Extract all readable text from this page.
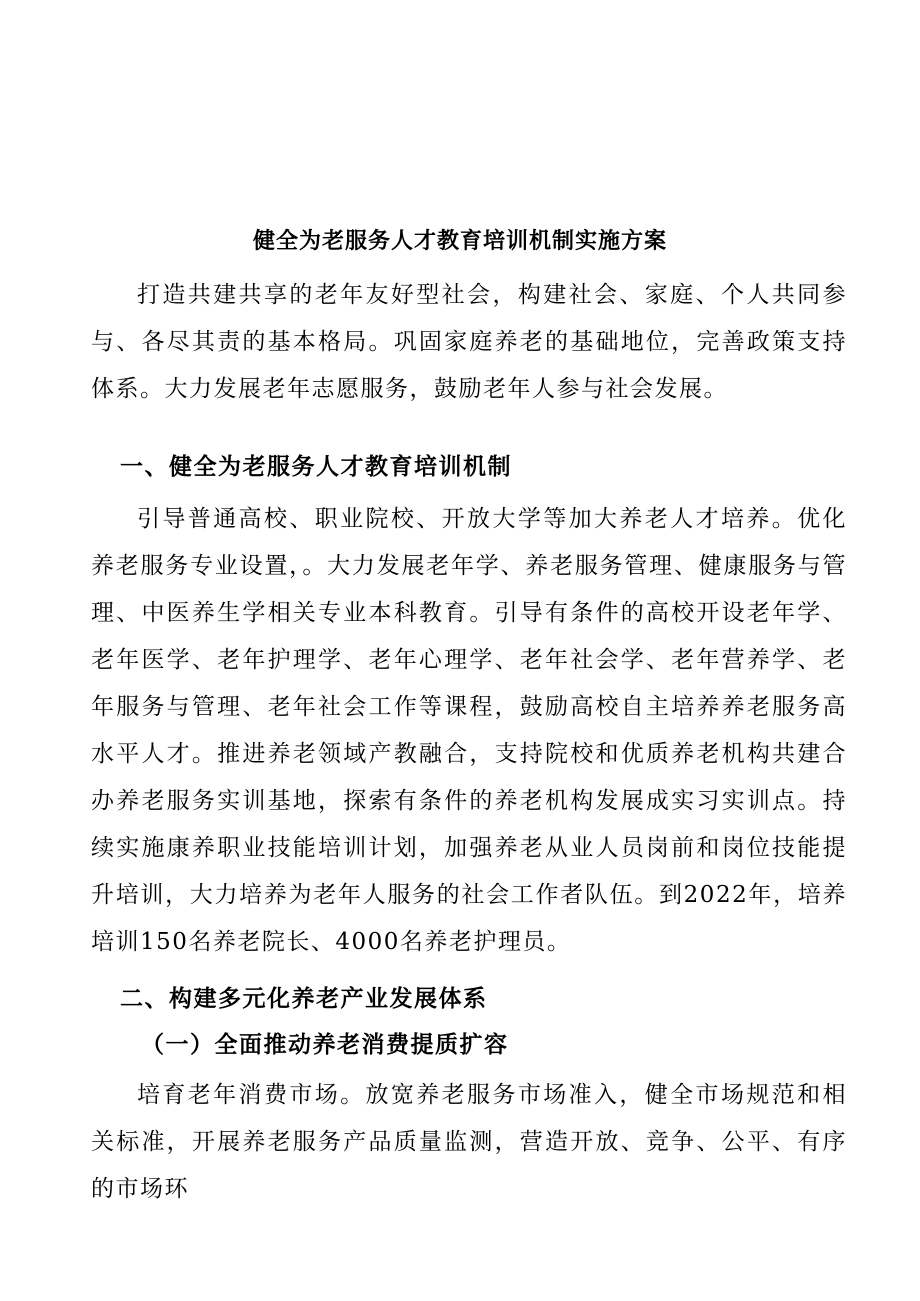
健全为老服务人才教育培训机制实施方案

打造共建共享的老年友好型社会，构建社会、家庭、个人共同参与、各尽其责的基本格局。巩固家庭养老的基础地位，完善政策支持体系。大力发展老年志愿服务，鼓励老年人参与社会发展。

一、健全为老服务人才教育培训机制

引导普通高校、职业院校、开放大学等加大养老人才培养。优化养老服务专业设置，。大力发展老年学、养老服务管理、健康服务与管理、中医养生学相关专业本科教育。引导有条件的高校开设老年学、老年医学、老年护理学、老年心理学、老年社会学、老年营养学、老年服务与管理、老年社会工作等课程，鼓励高校自主培养养老服务高水平人才。推进养老领域产教融合，支持院校和优质养老机构共建合办养老服务实训基地，探索有条件的养老机构发展成实习实训点。持续实施康养职业技能培训计划，加强养老从业人员岗前和岗位技能提升培训，大力培养为老年人服务的社会工作者队伍。到2022年，培养培训150名养老院长、4000名养老护理员。

二、构建多元化养老产业发展体系
（一）全面推动养老消费提质扩容

培育老年消费市场。放宽养老服务市场准入，健全市场规范和相关标准，开展养老服务产品质量监测，营造开放、竞争、公平、有序的市场环
